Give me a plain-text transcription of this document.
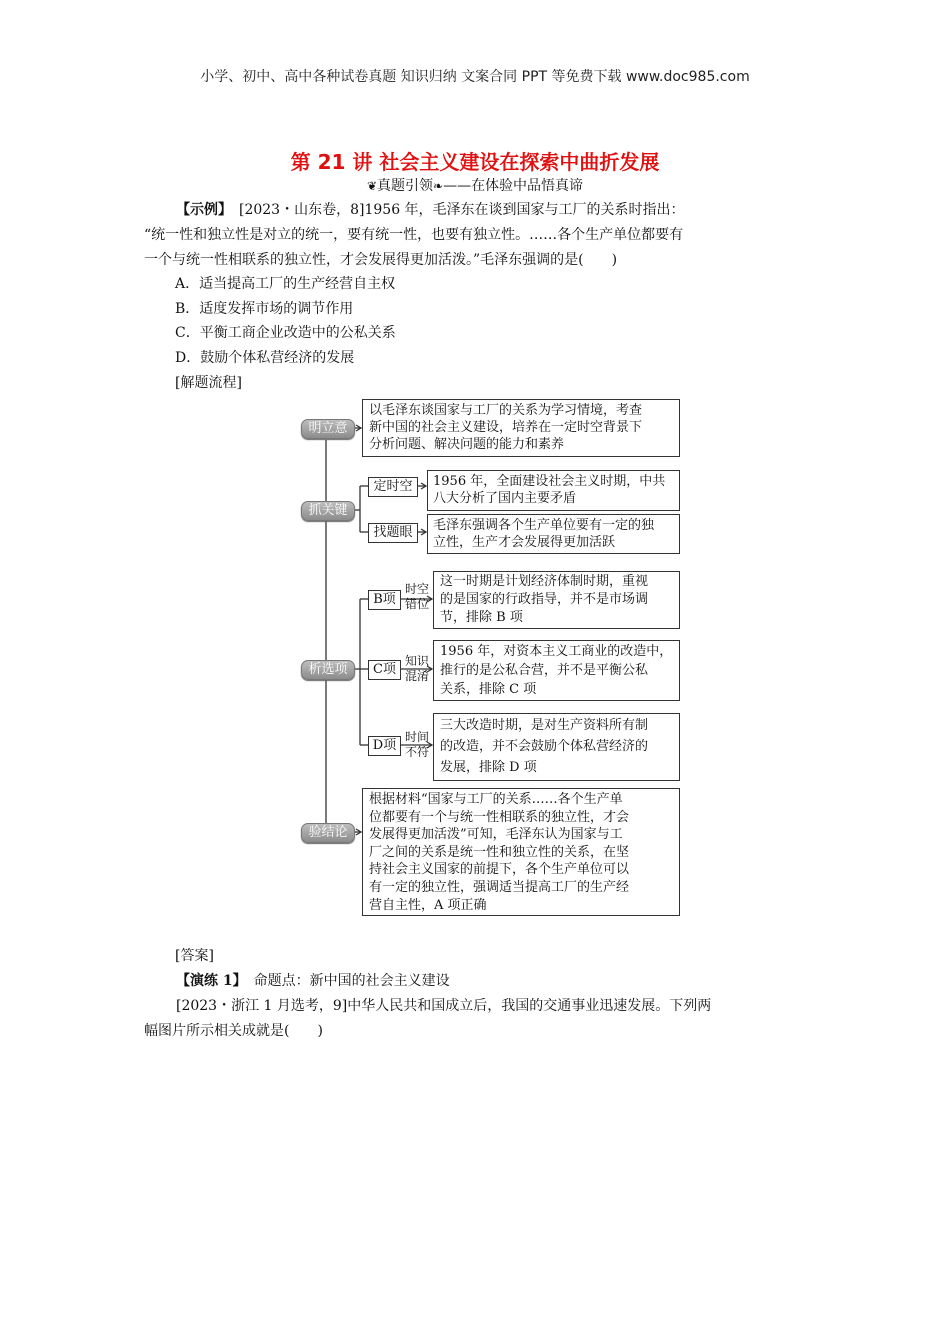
小学、初中、高中各种试卷真题 知识归纳 文案合同 PPT 等免费下载 www.doc985.com
第 21 讲 社会主义建设在探索中曲折发展
❦真题引领❧——在体验中品悟真谛
【示例】　 [2023・山东卷，8]1956 年，毛泽东在谈到国家与工厂的关系时指出：
“统一性和独立性是对立的统一，要有统一性，也要有独立性。……各个生产单位都要有
一个与统一性相联系的独立性，才会发展得更加活泼。”毛泽东强调的是(　　)
A．适当提高工厂的生产经营自主权
B．适度发挥市场的调节作用
C．平衡工商企业改造中的公私关系
D．鼓励个体私营经济的发展
[解题流程]
明立意
抓关键
析选项
验结论
以毛泽东谈国家与工厂的关系为学习情境，考查
新中国的社会主义建设，培养在一定时空背景下
分析问题、解决问题的能力和素养
定时空	1956 年，全面建设社会主义时期，中共
八大分析了国内主要矛盾
找题眼	毛泽东强调各个生产单位要有一定的独
立性，生产才会发展得更加活跃
B项
时空
错位
这一时期是计划经济体制时期，重视
的是国家的行政指导，并不是市场调
节，排除 B 项
C项
知识
混淆
1956 年，对资本主义工商业的改造中，
推行的是公私合营，并不是平衡公私
关系，排除 C 项
D项
时间
不符
三大改造时期，是对生产资料所有制
的改造，并不会鼓励个体私营经济的
发展，排除 D 项
根据材料“国家与工厂的关系……各个生产单
位都要有一个与统一性相联系的独立性，才会
发展得更加活泼”可知，毛泽东认为国家与工
厂之间的关系是统一性和独立性的关系，在坚
持社会主义国家的前提下，各个生产单位可以
有一定的独立性，强调适当提高工厂的生产经
营自主性，A 项正确
[答案]
【演练 1】　 命题点：新中国的社会主义建设
[2023・浙江 1 月选考，9]中华人民共和国成立后，我国的交通事业迅速发展。下列两
幅图片所示相关成就是(　　)
